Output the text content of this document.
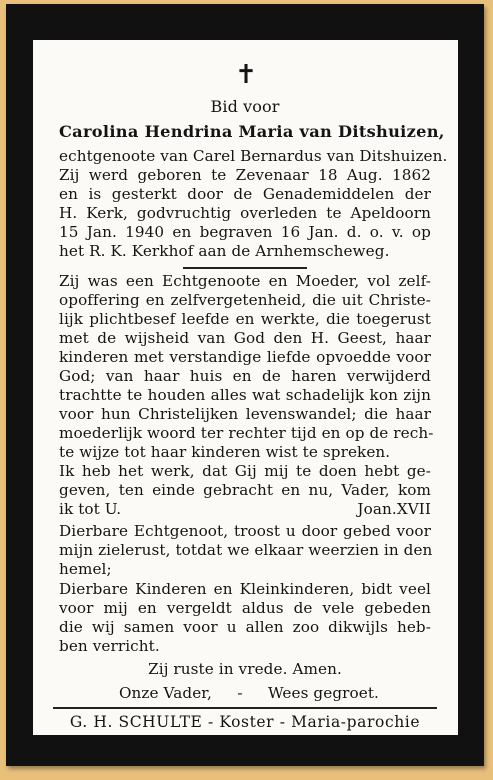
✝
Bid voor
Carolina Hendrina Maria van Ditshuizen,
echtgenoote van Carel Bernardus van Ditshuizen.
Zij werd geboren te Zevenaar 18 Aug. 1862
en is gesterkt door de Genademiddelen der
H. Kerk, godvruchtig overleden te Apeldoorn
15 Jan. 1940 en begraven 16 Jan. d. o. v. op
het R. K. Kerkhof aan de Arnhemscheweg.
Zij was een Echtgenoote en Moeder, vol zelf-
opoffering en zelfvergetenheid, die uit Christe-
lijk plichtbesef leefde en werkte, die toegerust
met de wijsheid van God den H. Geest, haar
kinderen met verstandige liefde opvoedde voor
God; van haar huis en de haren verwijderd
trachtte te houden alles wat schadelijk kon zijn
voor hun Christelijken levenswandel; die haar
moederlijk woord ter rechter tijd en op de rech-
te wijze tot haar kinderen wist te spreken.
Ik heb het werk, dat Gij mij te doen hebt ge-
geven, ten einde gebracht en nu, Vader, kom
ik tot U.	Joan.XVII
Dierbare Echtgenoot, troost u door gebed voor
mijn zielerust, totdat we elkaar weerzien in den
hemel;
Dierbare Kinderen en Kleinkinderen, bidt veel
voor mij en vergeldt aldus de vele gebeden
die wij samen voor u allen zoo dikwijls heb-
ben verricht.
Zij ruste in vrede. Amen.
Onze Vader, - Wees gegroet.
G. H. SCHULTE - Koster - Maria-parochie
